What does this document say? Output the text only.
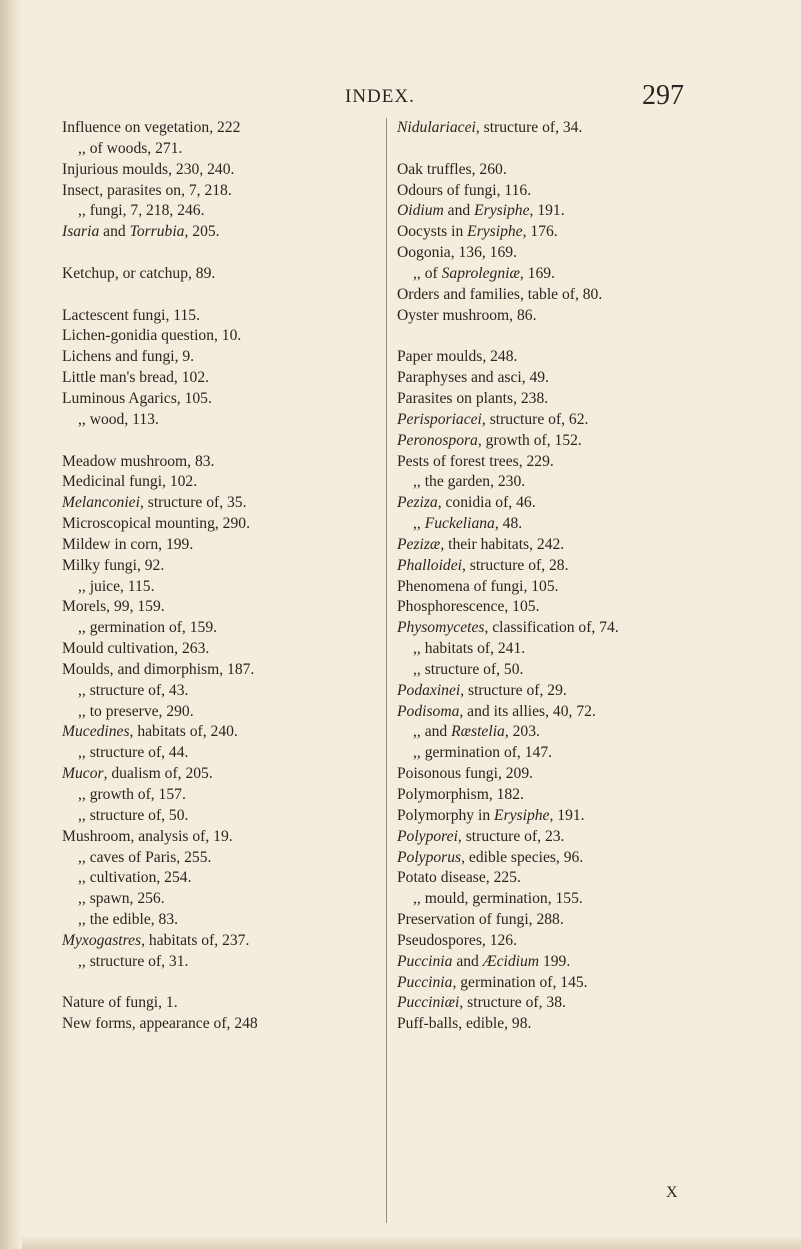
INDEX.	297
Influence on vegetation, 222
,, of woods, 271.
Injurious moulds, 230, 240.
Insect, parasites on, 7, 218.
,, fungi, 7, 218, 246.
Isaria and Torrubia, 205.
Ketchup, or catchup, 89.
Lactescent fungi, 115.
Lichen-gonidia question, 10.
Lichens and fungi, 9.
Little man's bread, 102.
Luminous Agarics, 105.
,, wood, 113.
Meadow mushroom, 83.
Medicinal fungi, 102.
Melanconiei, structure of, 35.
Microscopical mounting, 290.
Mildew in corn, 199.
Milky fungi, 92.
,, juice, 115.
Morels, 99, 159.
,, germination of, 159.
Mould cultivation, 263.
Moulds, and dimorphism, 187.
,, structure of, 43.
,, to preserve, 290.
Mucedines, habitats of, 240.
,, structure of, 44.
Mucor, dualism of, 205.
,, growth of, 157.
,, structure of, 50.
Mushroom, analysis of, 19.
,, caves of Paris, 255.
,, cultivation, 254.
,, spawn, 256.
,, the edible, 83.
Myxogastres, habitats of, 237.
,, structure of, 31.
Nature of fungi, 1.
New forms, appearance of, 248
Nidulariacei, structure of, 34.
Oak truffles, 260.
Odours of fungi, 116.
Oidium and Erysiphe, 191.
Oocysts in Erysiphe, 176.
Oogonia, 136, 169.
,, of Saprolegniæ, 169.
Orders and families, table of, 80.
Oyster mushroom, 86.
Paper moulds, 248.
Paraphyses and asci, 49.
Parasites on plants, 238.
Perisporiacei, structure of, 62.
Peronospora, growth of, 152.
Pests of forest trees, 229.
,, the garden, 230.
Peziza, conidia of, 46.
,, Fuckeliana, 48.
Pezizæ, their habitats, 242.
Phalloidei, structure of, 28.
Phenomena of fungi, 105.
Phosphorescence, 105.
Physomycetes, classification of, 74.
,, habitats of, 241.
,, structure of, 50.
Podaxinei, structure of, 29.
Podisoma, and its allies, 40, 72.
,, and Ræstelia, 203.
,, germination of, 147.
Poisonous fungi, 209.
Polymorphism, 182.
Polymorphy in Erysiphe, 191.
Polyporei, structure of, 23.
Polyporus, edible species, 96.
Potato disease, 225.
,, mould, germination, 155.
Preservation of fungi, 288.
Pseudospores, 126.
Puccinia and Æcidium 199.
Puccinia, germination of, 145.
Pucciniæi, structure of, 38.
Puff-balls, edible, 98.
X
